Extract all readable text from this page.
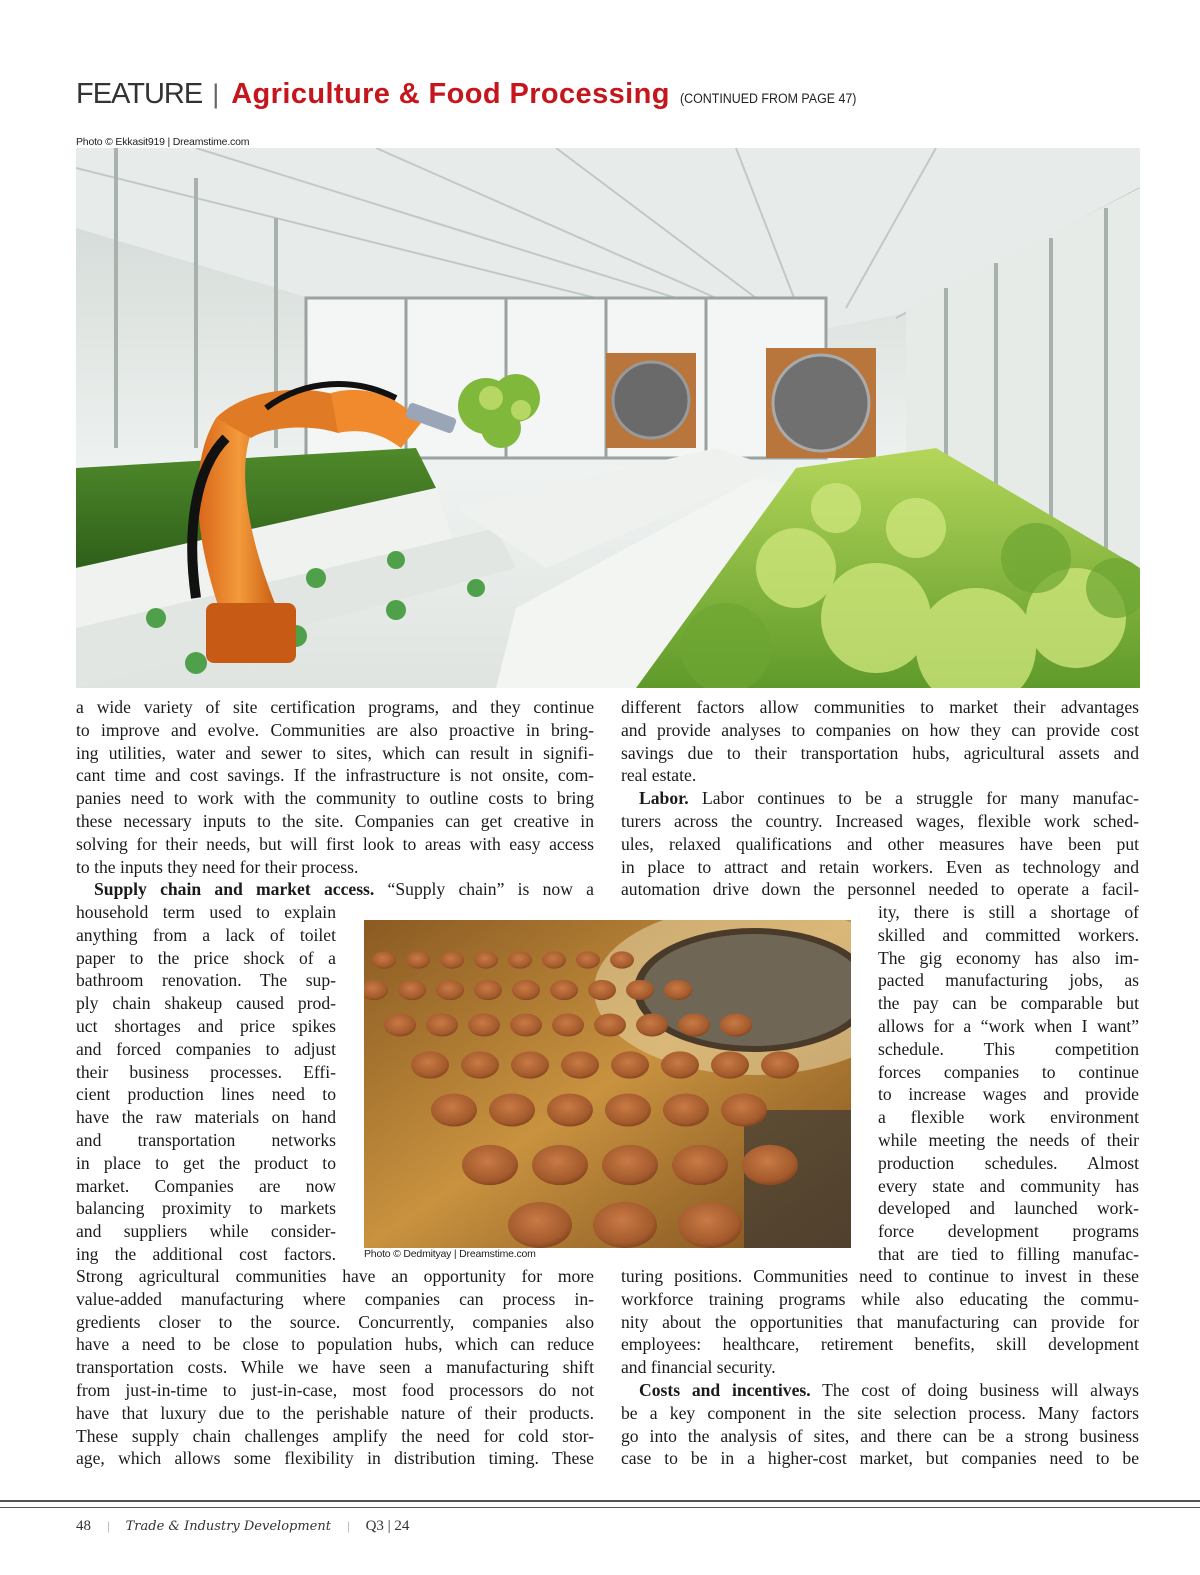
FEATURE | Agriculture & Food Processing (CONTINUED FROM PAGE 47)
Photo © Ekkasit919 | Dreamstime.com
a wide variety of site certification programs, and they continue
to improve and evolve. Communities are also proactive in bring-
ing utilities, water and sewer to sites, which can result in signifi-
cant time and cost savings. If the infrastructure is not onsite, com-
panies need to work with the community to outline costs to bring
these necessary inputs to the site. Companies can get creative in
solving for their needs, but will first look to areas with easy access
to the inputs they need for their process.
Supply chain and market access. “Supply chain” is now a
household term used to explain
anything from a lack of toilet
paper to the price shock of a
bathroom renovation. The sup-
ply chain shakeup caused prod-
uct shortages and price spikes
and forced companies to adjust
their business processes. Effi-
cient production lines need to
have the raw materials on hand
and transportation networks
in place to get the product to
market. Companies are now
balancing proximity to markets
and suppliers while consider-
ing the additional cost factors.
Strong agricultural communities have an opportunity for more
value-added manufacturing where companies can process in-
gredients closer to the source. Concurrently, companies also
have a need to be close to population hubs, which can reduce
transportation costs. While we have seen a manufacturing shift
from just-in-time to just-in-case, most food processors do not
have that luxury due to the perishable nature of their products.
These supply chain challenges amplify the need for cold stor-
age, which allows some flexibility in distribution timing. These
different factors allow communities to market their advantages
and provide analyses to companies on how they can provide cost
savings due to their transportation hubs, agricultural assets and
real estate.
Labor. Labor continues to be a struggle for many manufac-
turers across the country. Increased wages, flexible work sched-
ules, relaxed qualifications and other measures have been put
in place to attract and retain workers. Even as technology and
automation drive down the personnel needed to operate a facil-
ity, there is still a shortage of
skilled and committed workers.
The gig economy has also im-
pacted manufacturing jobs, as
the pay can be comparable but
allows for a “work when I want”
schedule. This competition
forces companies to continue
to increase wages and provide
a flexible work environment
while meeting the needs of their
production schedules. Almost
every state and community has
developed and launched work-
force development programs
that are tied to filling manufac-
turing positions. Communities need to continue to invest in these
workforce training programs while also educating the commu-
nity about the opportunities that manufacturing can provide for
employees: healthcare, retirement benefits, skill development
and financial security.
Costs and incentives. The cost of doing business will always
be a key component in the site selection process. Many factors
go into the analysis of sites, and there can be a strong business
case to be in a higher-cost market, but companies need to be
Photo © Dedmityay | Dreamstime.com
48 | Trade & Industry Development | Q3 | 24
